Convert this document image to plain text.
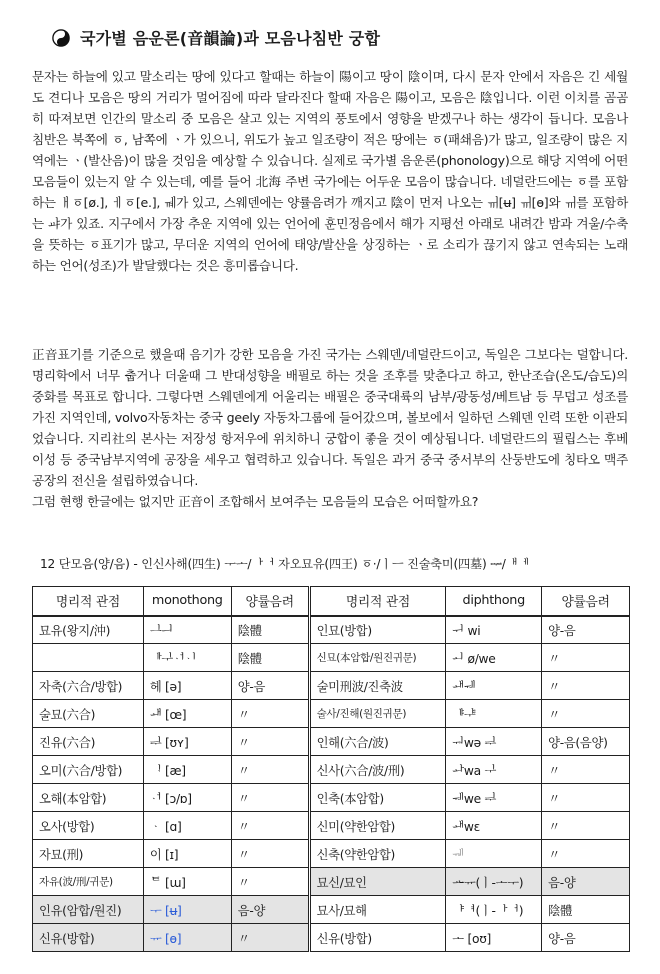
국가별 음운론(音韻論)과 모음나침반 궁합

문자는 하늘에 있고 말소리는 땅에 있다고 할때는 하늘이 陽이고 땅이 陰이며, 다시 문자 안에서 자음은 긴 세월도 견디나 모음은 땅의 거리가 멀어짐에 따라 달라진다 할때 자음은 陽이고, 모음은 陰입니다. 이런 이치를 곰곰히 따져보면 인간의 말소리 중 모음은 살고 있는 지역의 풍토에서 영향을 받겠구나 하는 생각이 듭니다. 모음나침반은 북쪽에 ㆆ, 남쪽에 ㆍ가 있으니, 위도가 높고 일조량이 적은 땅에는 ㆆ(패쇄음)가 많고, 일조량이 많은 지역에는 ㆍ(발산음)이 많을 것임을 예상할 수 있습니다. 실제로 국가별 음운론(phonology)으로 해당 지역에 어떤 모음들이 있는지 알 수 있는데, 예를 들어 北海 주변 국가에는 어두운 모음이 많습니다. 네덜란드에는 ㆆ를 포함하는 ㅐㆆ[ø.], ㅔㆆ[e.], ㆋ가 있고, 스웨덴에는 양률음려가 깨지고 陰이 먼저 나오는 ㆌ[ʉ] ㆌ[ɵ]와 ㆌ를 포함하는 ㆇ가 있죠. 지구에서 가장 추운 지역에 있는 언어에 훈민정음에서 해가 지평선 아래로 내려간 밤과 겨울/수축을 뜻하는 ㆆ표기가 많고, 무더운 지역의 언어에 태양/발산을 상징하는 ㆍ로 소리가 끊기지 않고 연속되는 노래하는 언어(성조)가 발달했다는 것은 흥미롭습니다.

正音표기를 기준으로 했을때 음기가 강한 모음을 가진 국가는 스웨덴/네덜란드이고, 독일은 그보다는 덜합니다. 명리학에서 너무 춥거나 더울때 그 반대성향을 배필로 하는 것을 조후를 맞춘다고 하고, 한난조습(온도/습도)의 중화를 목표로 합니다. 그렇다면 스웨덴에게 어울리는 배필은 중국대륙의 남부/광동성/베트남 등 무덥고 성조를 가진 지역인데, volvo자동차는 중국 geely 자동차그룹에 들어갔으며, 볼보에서 일하던 스웨덴 인력 또한 이관되었습니다. 지리社의 본사는 저장성 항저우에 위치하니 궁합이 좋을 것이 예상됩니다. 네덜란드의 필립스는 후베이성 등 중국남부지역에 공장을 세우고 협력하고 있습니다. 독일은 과거 중국 중서부의 산둥반도에 칭타오 맥주공장의 전신을 설립하였습니다.

그럼 현행 한글에는 없지만 正音이 조합해서 보여주는 모음들의 모습은 어떠할까요?

12 단모음(양/음) - 인신사해(四生) ᅮᅩ/ᅡᅥ 자오묘유(四王) ㆆ·/ㅣㅡ 진술축미(四墓) ᆓ/ᅢᅦ
명리적 관점	monothong	양률음려	명리적 관점	diphthong	양률음려
묘유(왕지/沖)	ᆜᅴ	陰體	인묘(방합)	ᅱ wi	양-음
	ᆘᆛᆟᆡ	陰體	신묘(本암합/원진귀문)	ᅬ ø/we	〃
자축(六合/방합)	헤 [ə]	양-음	술미刑波/진축波	ᅫᅰ	〃
술묘(六合)	ᅫ [œ]	〃	술사/진해(원진귀문)	ᆙᆤ	〃
진유(六合)	ᆗ [ʊʏ]	〃	인해(六合/波)	ᅯwə ᆗ	양-음(음양)
오미(六合/방합)	ᆝ [æ]	〃	신사(六合/波/刑)	ᅪwa ᆛ	〃
오해(本암합)	ᆟ [ɔ/ɒ]	〃	인축(本암합)	ᅰwe ᆗ	〃
오사(방합)	ᆞ [ɑ]	〃	신미(약한암합)	ᅫwɛ	〃
자묘(刑)	이 [ɪ]	〃	신축(약한암합)	ᆌ	〃
자유(波/刑/귀문)	ᄐ [ɯ]	〃	묘신/묘인	ᅭᅲ(ㅣ-ᅩᅮ)	음-양
인유(암합/원진)	ᅮ [ʉ]	음-양	묘사/묘해	ᅣᅧ(ㅣ-ᅡᅥ)	陰體
신유(방합)	ᅲ [ɵ]	〃	신유(방합)	ᅩ [oʊ]	양-음
